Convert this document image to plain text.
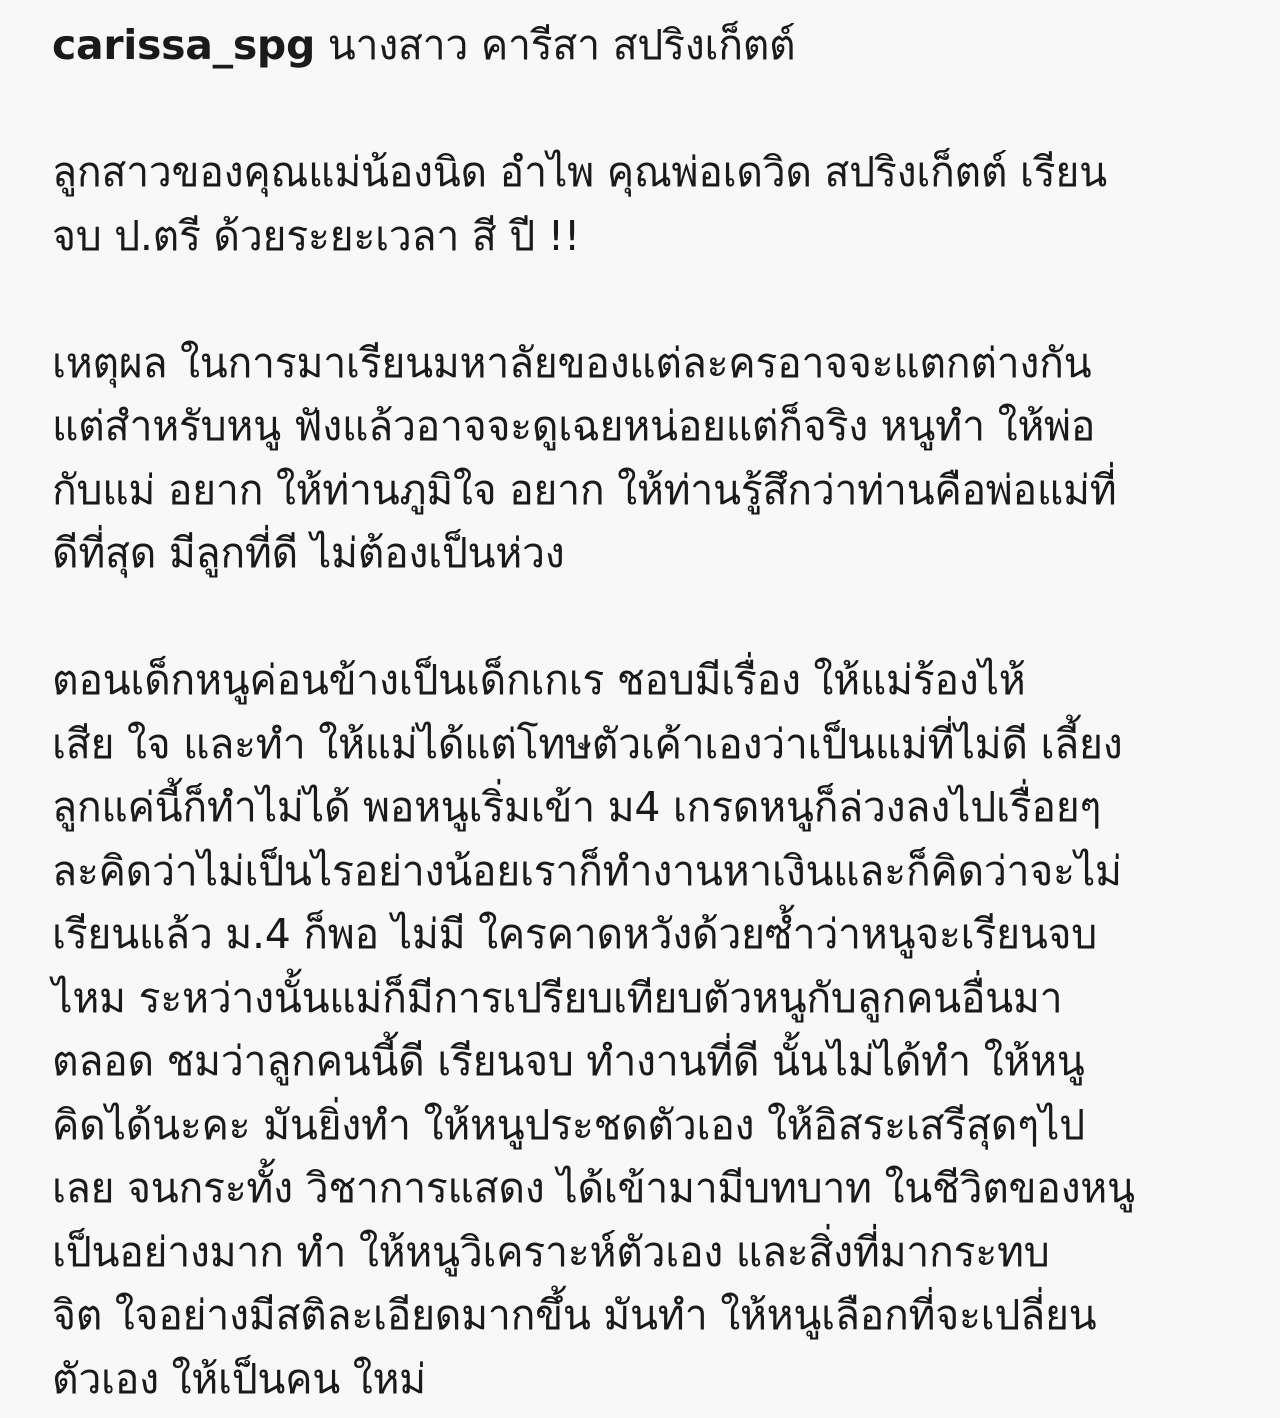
carissa_spg นางสาว คารีสา สปริงเก็ตต์
ลูกสาวของคุณแม่น้องนิด อำไพ คุณพ่อเดวิด สปริงเก็ตต์ เรียน
จบ ป.ตรี ด้วยระยะเวลา สี ปี !!
เหตุผล ในการมาเรียนมหาลัยของแต่ละครอาจจะแตกต่างกัน
แต่สำหรับหนู ฟังแล้วอาจจะดูเฉยหน่อยแต่ก็จริง หนูทำ ให้พ่อ
กับแม่ อยาก ให้ท่านภูมิใจ อยาก ให้ท่านรู้สึกว่าท่านคือพ่อแม่ที่
ดีที่สุด มีลูกที่ดี ไม่ต้องเป็นห่วง
ตอนเด็กหนูค่อนข้างเป็นเด็กเกเร ชอบมีเรื่อง ให้แม่ร้องไห้
เสีย ใจ และทำ ให้แม่ได้แต่โทษตัวเค้าเองว่าเป็นแม่ที่ไม่ดี เลี้ยง
ลูกแค่นี้ก็ทำไม่ได้ พอหนูเริ่มเข้า ม4 เกรดหนูก็ล่วงลงไปเรื่อยๆ
ละคิดว่าไม่เป็นไรอย่างน้อยเราก็ทำงานหาเงินและก็คิดว่าจะไม่
เรียนแล้ว ม.4 ก็พอ ไม่มี ใครคาดหวังด้วยซ้ำว่าหนูจะเรียนจบ
ไหม ระหว่างนั้นแม่ก็มีการเปรียบเทียบตัวหนูกับลูกคนอื่นมา
ตลอด ชมว่าลูกคนนี้ดี เรียนจบ ทำงานที่ดี นั้นไม่ได้ทำ ให้หนู
คิดได้นะคะ มันยิ่งทำ ให้หนูประชดตัวเอง ให้อิสระเสรีสุดๆไป
เลย จนกระทั้ง วิชาการแสดง ได้เข้ามามีบทบาท ในชีวิตของหนู
เป็นอย่างมาก ทำ ให้หนูวิเคราะห์ตัวเอง และสิ่งที่มากระทบ
จิต ใจอย่างมีสติละเอียดมากขึ้น มันทำ ให้หนูเลือกที่จะเปลี่ยน
ตัวเอง ให้เป็นคน ใหม่
